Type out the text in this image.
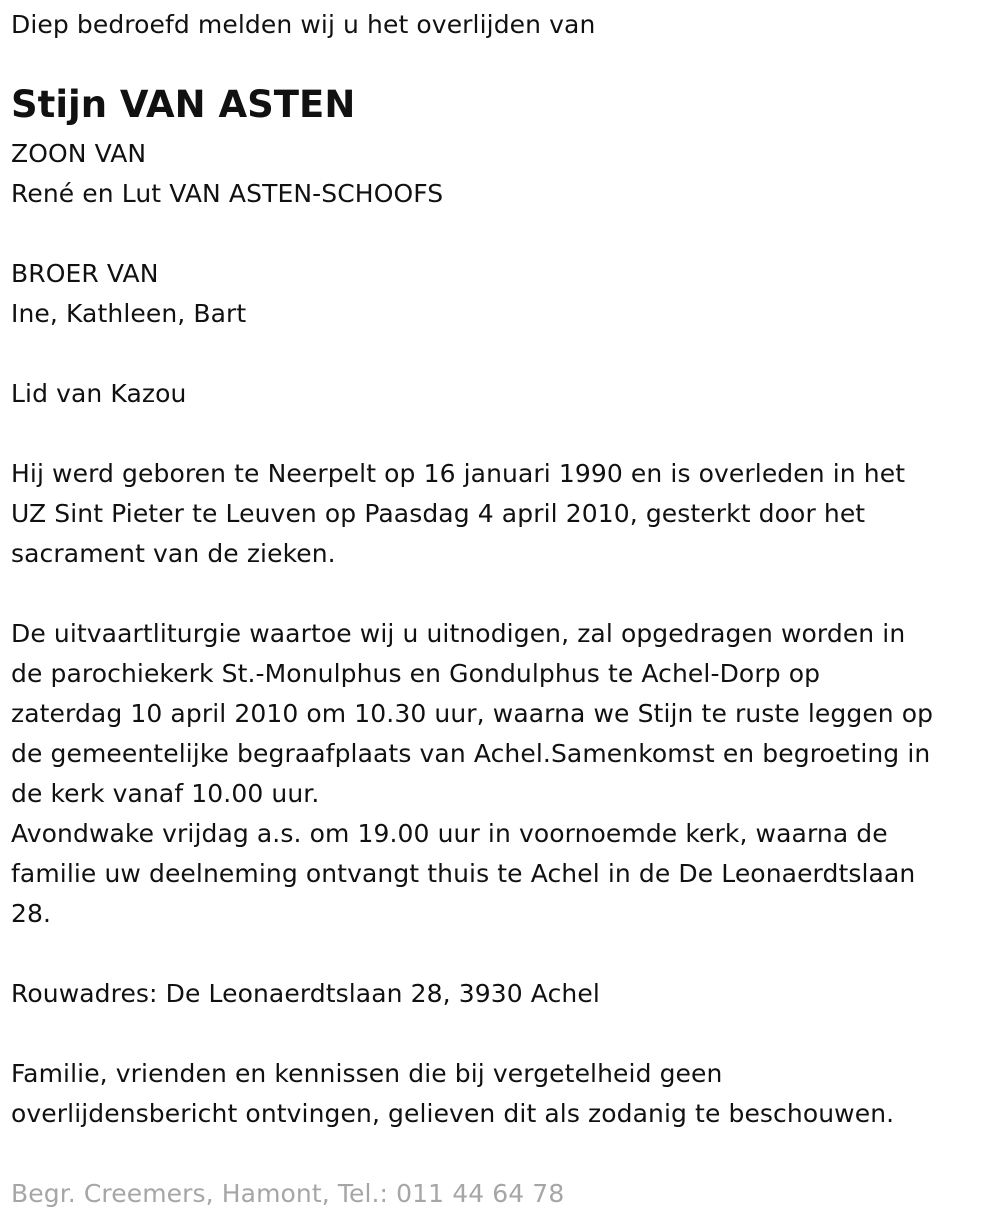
Diep bedroefd melden wij u het overlijden van
Stijn VAN ASTEN
ZOON VAN
René en Lut VAN ASTEN-SCHOOFS
BROER VAN
Ine, Kathleen, Bart
Lid van Kazou
Hij werd geboren te Neerpelt op 16 januari 1990 en is overleden in het
UZ Sint Pieter te Leuven op Paasdag 4 april 2010, gesterkt door het
sacrament van de zieken.
De uitvaartliturgie waartoe wij u uitnodigen, zal opgedragen worden in
de parochiekerk St.-Monulphus en Gondulphus te Achel-Dorp op
zaterdag 10 april 2010 om 10.30 uur, waarna we Stijn te ruste leggen op
de gemeentelijke begraafplaats van Achel.Samenkomst en begroeting in
de kerk vanaf 10.00 uur.
Avondwake vrijdag a.s. om 19.00 uur in voornoemde kerk, waarna de
familie uw deelneming ontvangt thuis te Achel in de De Leonaerdtslaan
28.
Rouwadres: De Leonaerdtslaan 28, 3930 Achel
Familie, vrienden en kennissen die bij vergetelheid geen
overlijdensbericht ontvingen, gelieven dit als zodanig te beschouwen.
Begr. Creemers, Hamont, Tel.: 011 44 64 78
